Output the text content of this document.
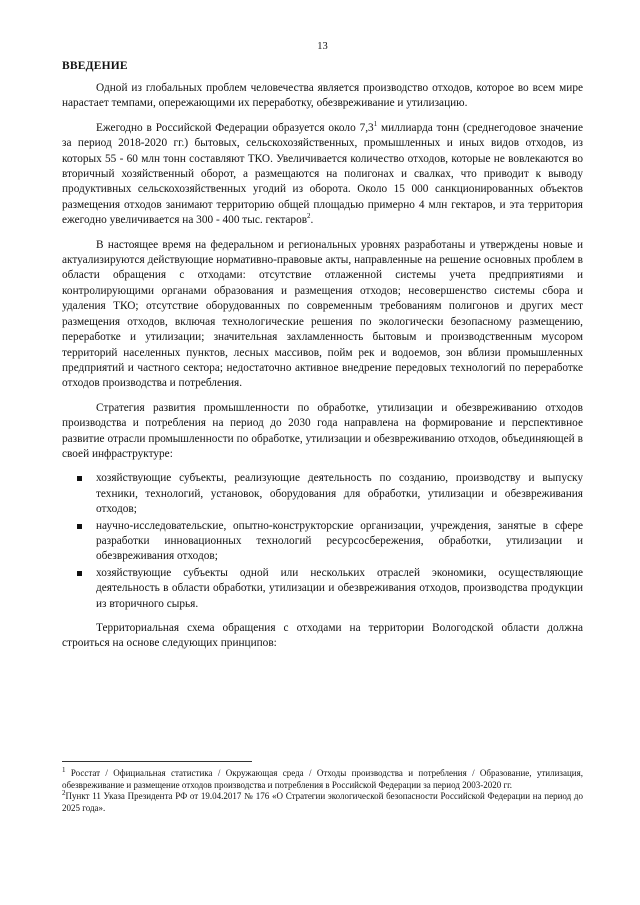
13
ВВЕДЕНИЕ

Одной из глобальных проблем человечества является производство отходов, которое во всем мире нарастает темпами, опережающими их переработку, обезвреживание и утилизацию.

Ежегодно в Российской Федерации образуется около $7,3^1$ миллиарда тонн (среднегодовое значение за период 2018-2020 гг.) бытовых, сельскохозяйственных, промышленных и иных видов отходов, из которых 55 - 60 млн тонн составляют ТКО. Увеличивается количество отходов, которые не вовлекаются во вторичный хозяйственный оборот, а размещаются на полигонах и свалках, что приводит к выводу продуктивных сельскохозяйственных угодий из оборота. Около 15 000 санкционированных объектов размещения отходов занимают территорию общей площадью примерно 4 млн гектаров, и эта территория ежегодно увеличивается на 300 - 400 тыс. гектаров$^2$.

В настоящее время на федеральном и региональных уровнях разработаны и утверждены новые и актуализируются действующие нормативно-правовые акты, направленные на решение основных проблем в области обращения с отходами: отсутствие отлаженной системы учета предприятиями и контролирующими органами образования и размещения отходов; несовершенство системы сбора и удаления ТКО; отсутствие оборудованных по современным требованиям полигонов и других мест размещения отходов, включая технологические решения по экологически безопасному размещению, переработке и утилизации; значительная захламленность бытовым и производственным мусором территорий населенных пунктов, лесных массивов, пойм рек и водоемов, зон вблизи промышленных предприятий и частного сектора; недостаточно активное внедрение передовых технологий по переработке отходов производства и потребления.

Стратегия развития промышленности по обработке, утилизации и обезвреживанию отходов производства и потребления на период до 2030 года направлена на формирование и перспективное развитие отрасли промышленности по обработке, утилизации и обезвреживанию отходов, объединяющей в своей инфраструктуре:

хозяйствующие субъекты, реализующие деятельность по созданию, производству и выпуску техники, технологий, установок, оборудования для обработки, утилизации и обезвреживания отходов;
научно-исследовательские, опытно-конструкторские организации, учреждения, занятые в сфере разработки инновационных технологий ресурсосбережения, обработки, утилизации и обезвреживания отходов;
хозяйствующие субъекты одной или нескольких отраслей экономики, осуществляющие деятельность в области обработки, утилизации и обезвреживания отходов, производства продукции из вторичного сырья.

Территориальная схема обращения с отходами на территории Вологодской области должна строиться на основе следующих принципов:

$^1$ Росстат / Официальная статистика / Окружающая среда / Отходы производства и потребления / Образование, утилизация, обезвреживание и размещение отходов производства и потребления в Российской Федерации за период 2003-2020 гг.

$^2$Пункт 11 Указа Президента РФ от 19.04.2017 № 176 «О Стратегии экологической безопасности Российской Федерации на период до 2025 года».
